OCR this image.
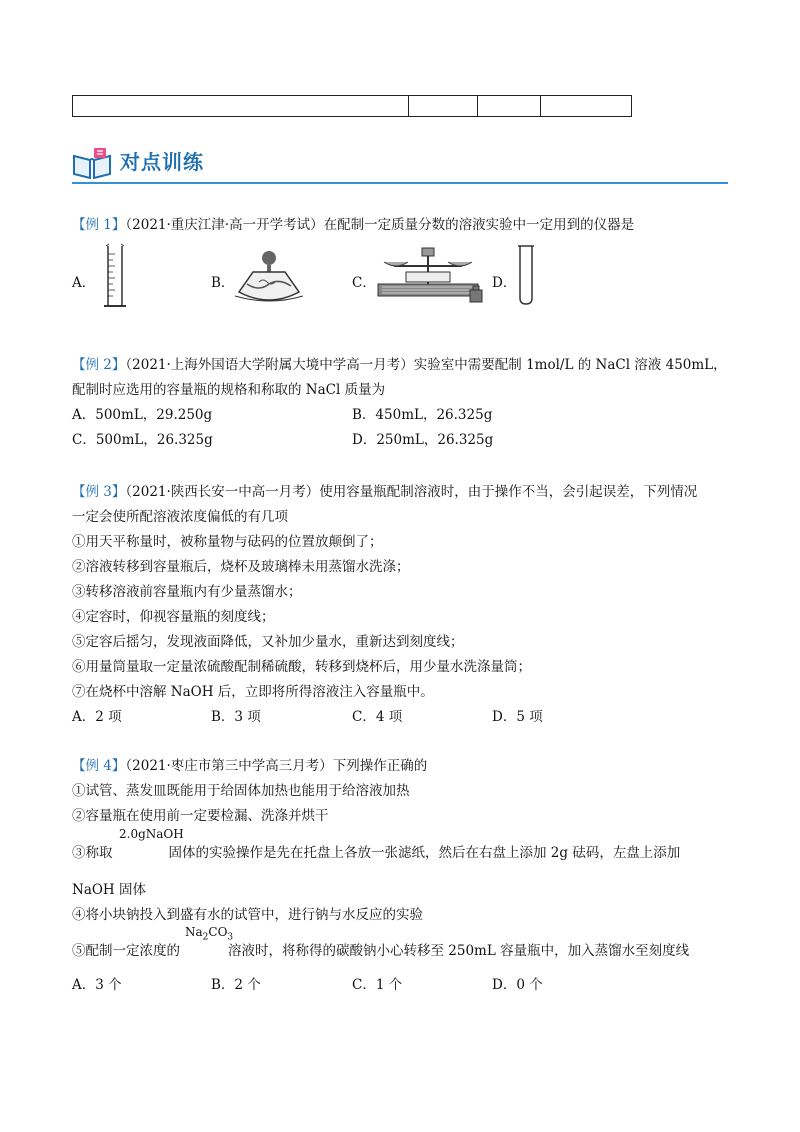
对点训练
【例 1】（2021·重庆江津·高一开学考试）在配制一定质量分数的溶液实验中一定用到的仪器是
A．	B．	C．	D．
【例 2】（2021·上海外国语大学附属大境中学高一月考）实验室中需要配制 1mol/L 的 NaCl 溶液 450mL，
配制时应选用的容量瓶的规格和称取的 NaCl 质量为
A．500mL，29.250g	B．450mL，26.325g
C．500mL，26.325g	D．250mL，26.325g
【例 3】（2021·陕西长安一中高一月考）使用容量瓶配制溶液时，由于操作不当，会引起误差，下列情况
一定会使所配溶液浓度偏低的有几项
①用天平称量时，被称量物与砝码的位置放颠倒了；
②溶液转移到容量瓶后，烧杯及玻璃棒未用蒸馏水洗涤；
③转移溶液前容量瓶内有少量蒸馏水；
④定容时，仰视容量瓶的刻度线；
⑤定容后摇匀，发现液面降低，又补加少量水，重新达到刻度线；
⑥用量筒量取一定量浓硫酸配制稀硫酸，转移到烧杯后，用少量水洗涤量筒；
⑦在烧杯中溶解 NaOH 后，立即将所得溶液注入容量瓶中。
A．2 项	B．3 项	C．4 项	D．5 项
【例 4】（2021·枣庄市第三中学高三月考）下列操作正确的
①试管、蒸发皿既能用于给固体加热也能用于给溶液加热
②容量瓶在使用前一定要检漏、洗涤并烘干
③称取	固体的实验操作是先在托盘上各放一张滤纸，然后在右盘上添加 2g 砝码，左盘上添加
2.0gNaOH
NaOH 固体
④将小块钠投入到盛有水的试管中，进行钠与水反应的实验
⑤配制一定浓度的	溶液时，将称得的碳酸钠小心转移至 250mL 容量瓶中，加入蒸馏水至刻度线
$Na_2CO_3$
A．3 个	B．2 个	C．1 个	D．0 个
